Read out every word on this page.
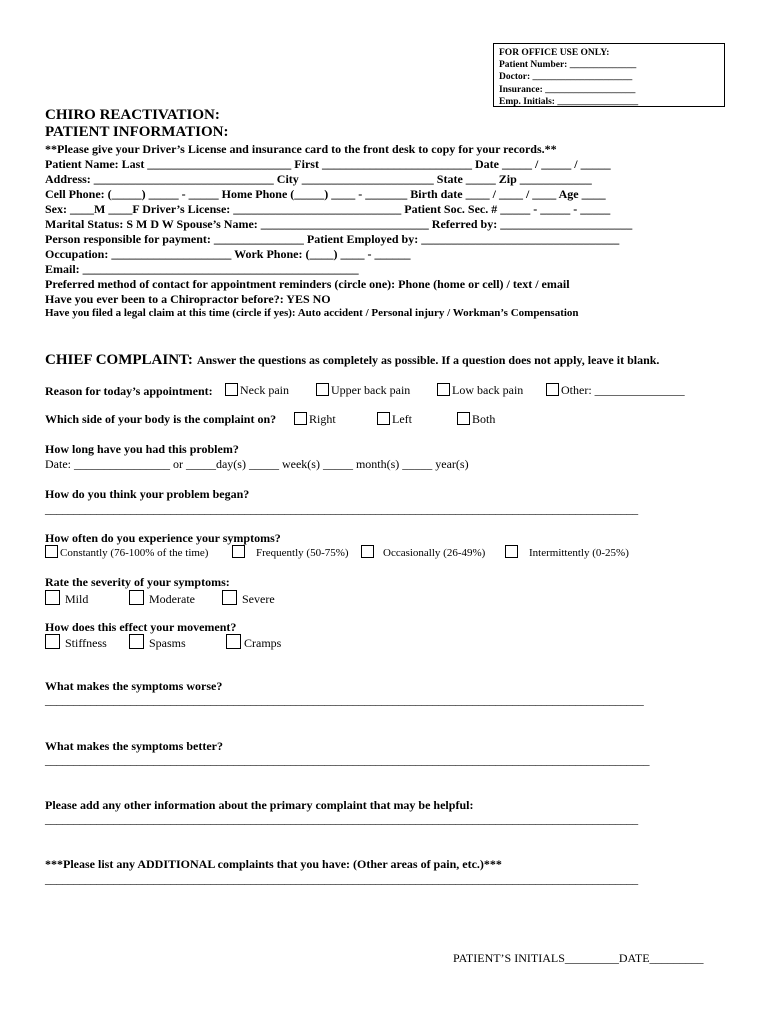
FOR OFFICE USE ONLY:
Patient Number: ______________
Doctor: _____________________
Insurance: ___________________
Emp. Initials: _________________
CHIRO REACTIVATION:
PATIENT INFORMATION:
**Please give your Driver’s License and insurance card to the front desk to copy for your records.**
Patient Name: Last ________________________ First _________________________ Date _____ / _____ / _____
Address: ______________________________ City ______________________ State _____ Zip ____________
Cell Phone: (_____) _____ - _____ Home Phone (_____) ____ - _______ Birth date ____ / ____ / ____ Age ____
Sex: ____M ____F Driver’s License: ____________________________ Patient Soc. Sec. # _____ - _____ - _____
Marital Status: S M D W Spouse’s Name: ____________________________ Referred by: ______________________
Person responsible for payment: _______________ Patient Employed by: _________________________________
Occupation: ____________________ Work Phone: (____) ____ - ______
Email: ______________________________________________
Preferred method of contact for appointment reminders (circle one): Phone (home or cell) / text / email
Have you ever been to a Chiropractor before?: YES NO
Have you filed a legal claim at this time (circle if yes): Auto accident / Personal injury / Workman’s Compensation
CHIEF COMPLAINT: Answer the questions as completely as possible. If a question does not apply, leave it blank.
Reason for today’s appointment:	Neck pain	Upper back pain	Low back pain	Other: _______________
Which side of your body is the complaint on?	Right	Left	Both
How long have you had this problem?
Date: ________________ or _____day(s) _____ week(s) _____ month(s) _____ year(s)
How do you think your problem began?
________________________________________________________________________________________________________
How often do you experience your symptoms?
Constantly (76-100% of the time)	Frequently (50-75%)	Occasionally (26-49%)	Intermittently (0-25%)
Rate the severity of your symptoms:
Mild	Moderate	Severe
How does this effect your movement?
Stiffness	Spasms	Cramps
What makes the symptoms worse?
_________________________________________________________________________________________________________
What makes the symptoms better?
__________________________________________________________________________________________________________
Please add any other information about the primary complaint that may be helpful:
________________________________________________________________________________________________________
***Please list any ADDITIONAL complaints that you have: (Other areas of pain, etc.)***
________________________________________________________________________________________________________
PATIENT’S INITIALS_________DATE_________
